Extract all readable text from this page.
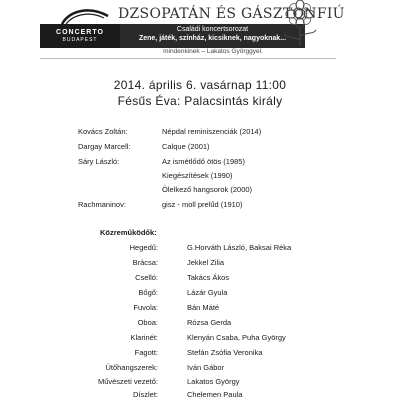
CONCERTO
BUDAPEST
DZSOPATÁN ÉS GÁSZTONFIÚ
Családi koncertsorozat
Zene, játék, színház, kicsiknek, nagyoknak...
mindenkinek – Lakatos Györggyel.
2014. április 6. vasárnap 11:00
Fésűs Éva: Palacsintás király
Kovács Zoltán:	Népdal reminiszenciák (2014)
Dargay Marcell:	Calque (2001)
Sáry László:	Az ismétlődő ötös (1985)
Kiegészítések (1990)
Ölelkező hangsorok (2000)
Rachmaninov:	gisz - moll prelűd (1910)
Közreműködők:
Hegedű:	G.Horváth László, Baksai Réka
Brácsa:	Jekkel Zilia
Cselló:	Takács Ákos
Bőgő:	Lázár Gyula
Fuvola:	Bán Máté
Oboa:	Rózsa Gerda
Klarinét:	Klenyán Csaba, Puha György
Fagott:	Stefán Zsófia Veronika
Ütőhangszerek:	Iván Gábor
Művészeti vezető:	Lakatos György
Díszlet:	Chelemen Paula
